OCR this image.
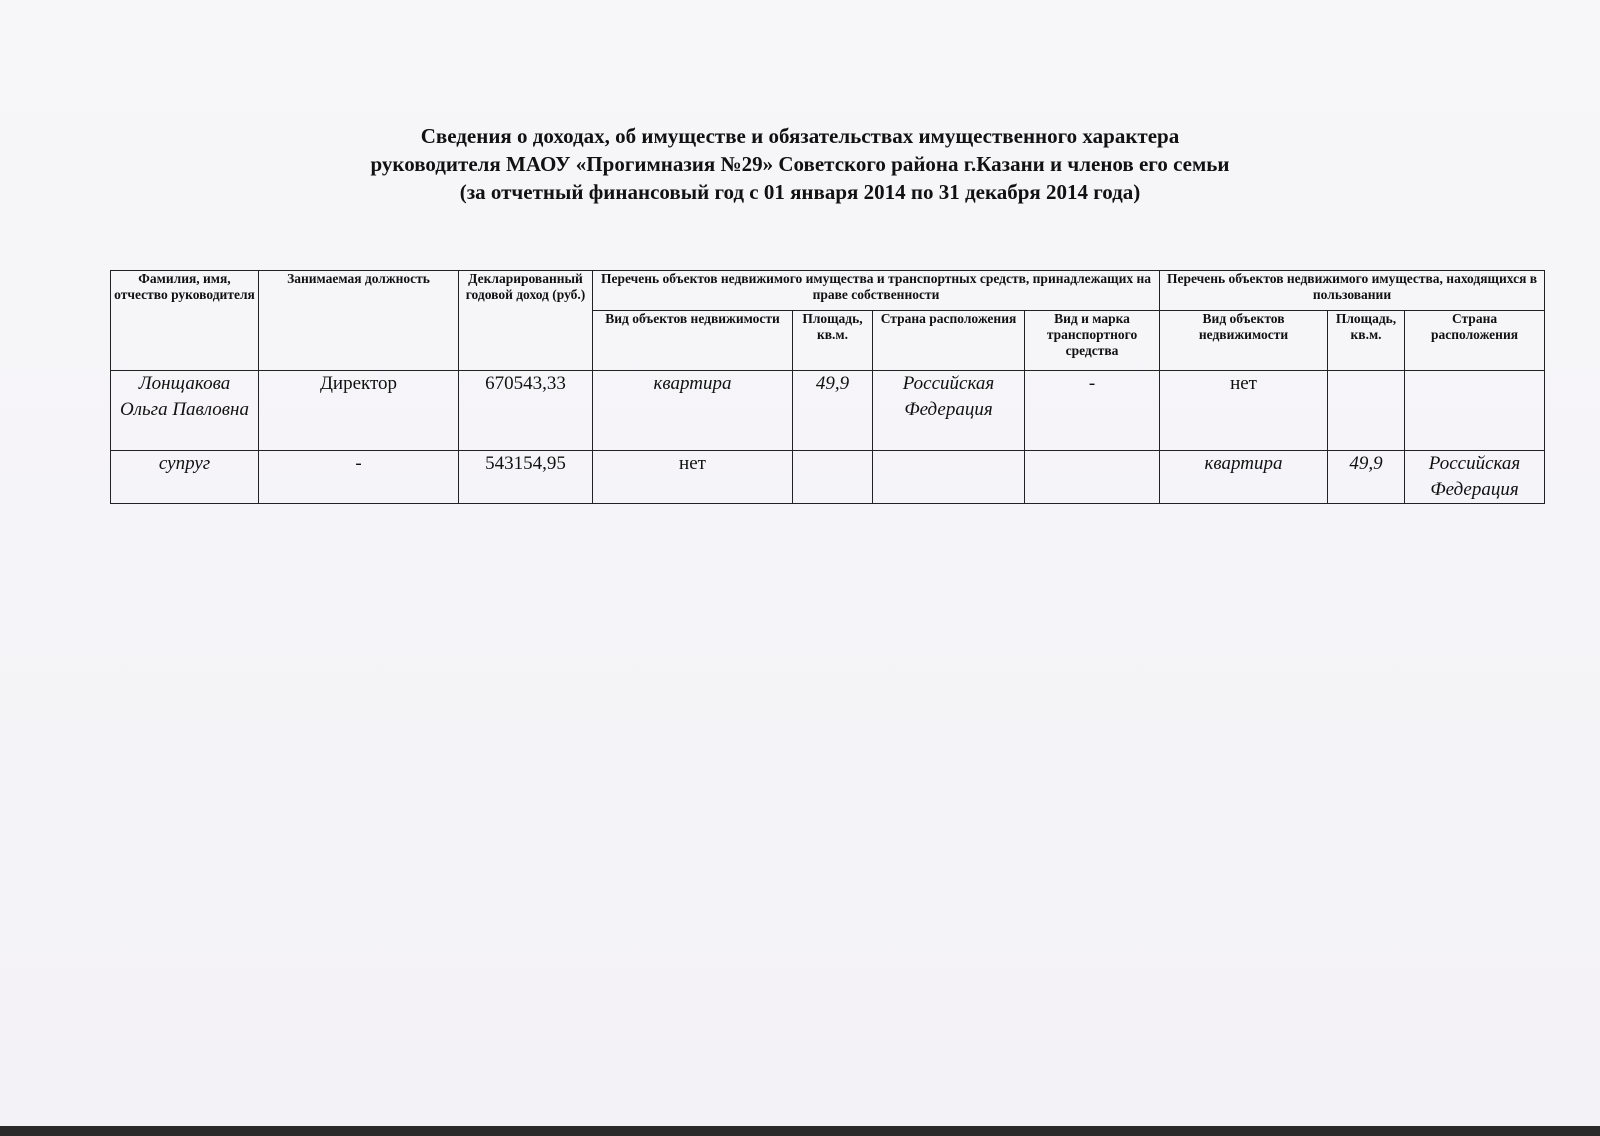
Сведения о доходах, об имуществе и обязательствах имущественного характера
руководителя МАОУ «Прогимназия №29» Советского района г.Казани и членов его семьи
(за отчетный финансовый год с 01 января 2014 по 31 декабря 2014 года)
Фамилия, имя, отчество руководителя	Занимаемая должность	Декларированный годовой доход (руб.)	Перечень объектов недвижимого имущества и транспортных средств, принадлежащих на праве собственности				Перечень объектов недвижимого имущества, находящихся в пользовании		
			Вид объектов недвижимости	Площадь, кв.м.	Страна расположения	Вид и марка транспортного средства	Вид объектов недвижимости	Площадь, кв.м.	Страна расположения
Лонщакова Ольга Павловна	Директор	670543,33	квартира	49,9	Российская Федерация	-	нет		
супруг	-	543154,95	нет				квартира	49,9	Российская Федерация
